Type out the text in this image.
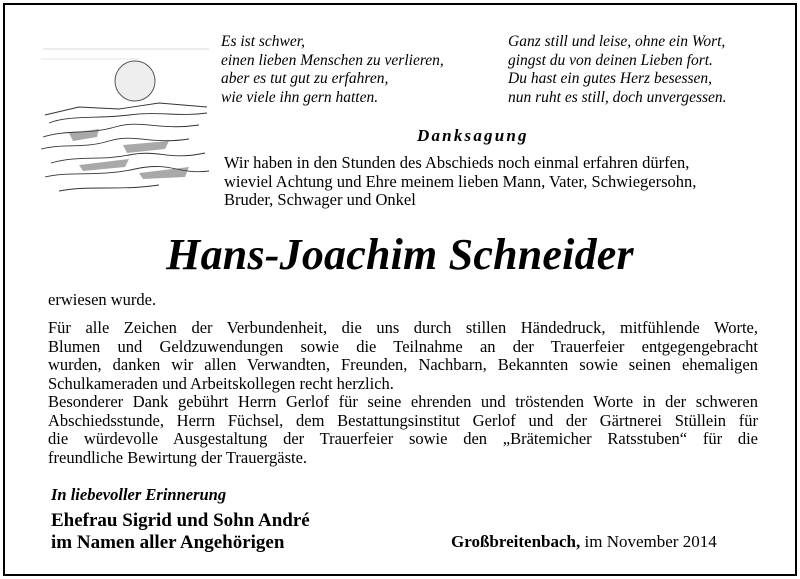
Es ist schwer,
einen lieben Menschen zu verlieren,
aber es tut gut zu erfahren,
wie viele ihn gern hatten.
Ganz still und leise, ohne ein Wort,
gingst du von deinen Lieben fort.
Du hast ein gutes Herz besessen,
nun ruht es still, doch unvergessen.
Danksagung
Wir haben in den Stunden des Abschieds noch einmal erfahren dürfen,
wieviel Achtung und Ehre meinem lieben Mann, Vater, Schwiegersohn,
Bruder, Schwager und Onkel
Hans-Joachim Schneider
erwiesen wurde.
Für alle Zeichen der Verbundenheit, die uns durch stillen Händedruck, mitfühlende Worte,
Blumen und Geldzuwendungen sowie die Teilnahme an der Trauerfeier entgegengebracht
wurden, danken wir allen Verwandten, Freunden, Nachbarn, Bekannten sowie seinen ehemaligen
Schulkameraden und Arbeitskollegen recht herzlich.
Besonderer Dank gebührt Herrn Gerlof für seine ehrenden und tröstenden Worte in der schweren
Abschiedsstunde, Herrn Füchsel, dem Bestattungsinstitut Gerlof und der Gärtnerei Stüllein für
die würdevolle Ausgestaltung der Trauerfeier sowie den „Brätemicher Ratsstuben“ für die
freundliche Bewirtung der Trauergäste.
In liebevoller Erinnerung
Ehefrau Sigrid und Sohn André
im Namen aller Angehörigen	Großbreitenbach, im November 2014
